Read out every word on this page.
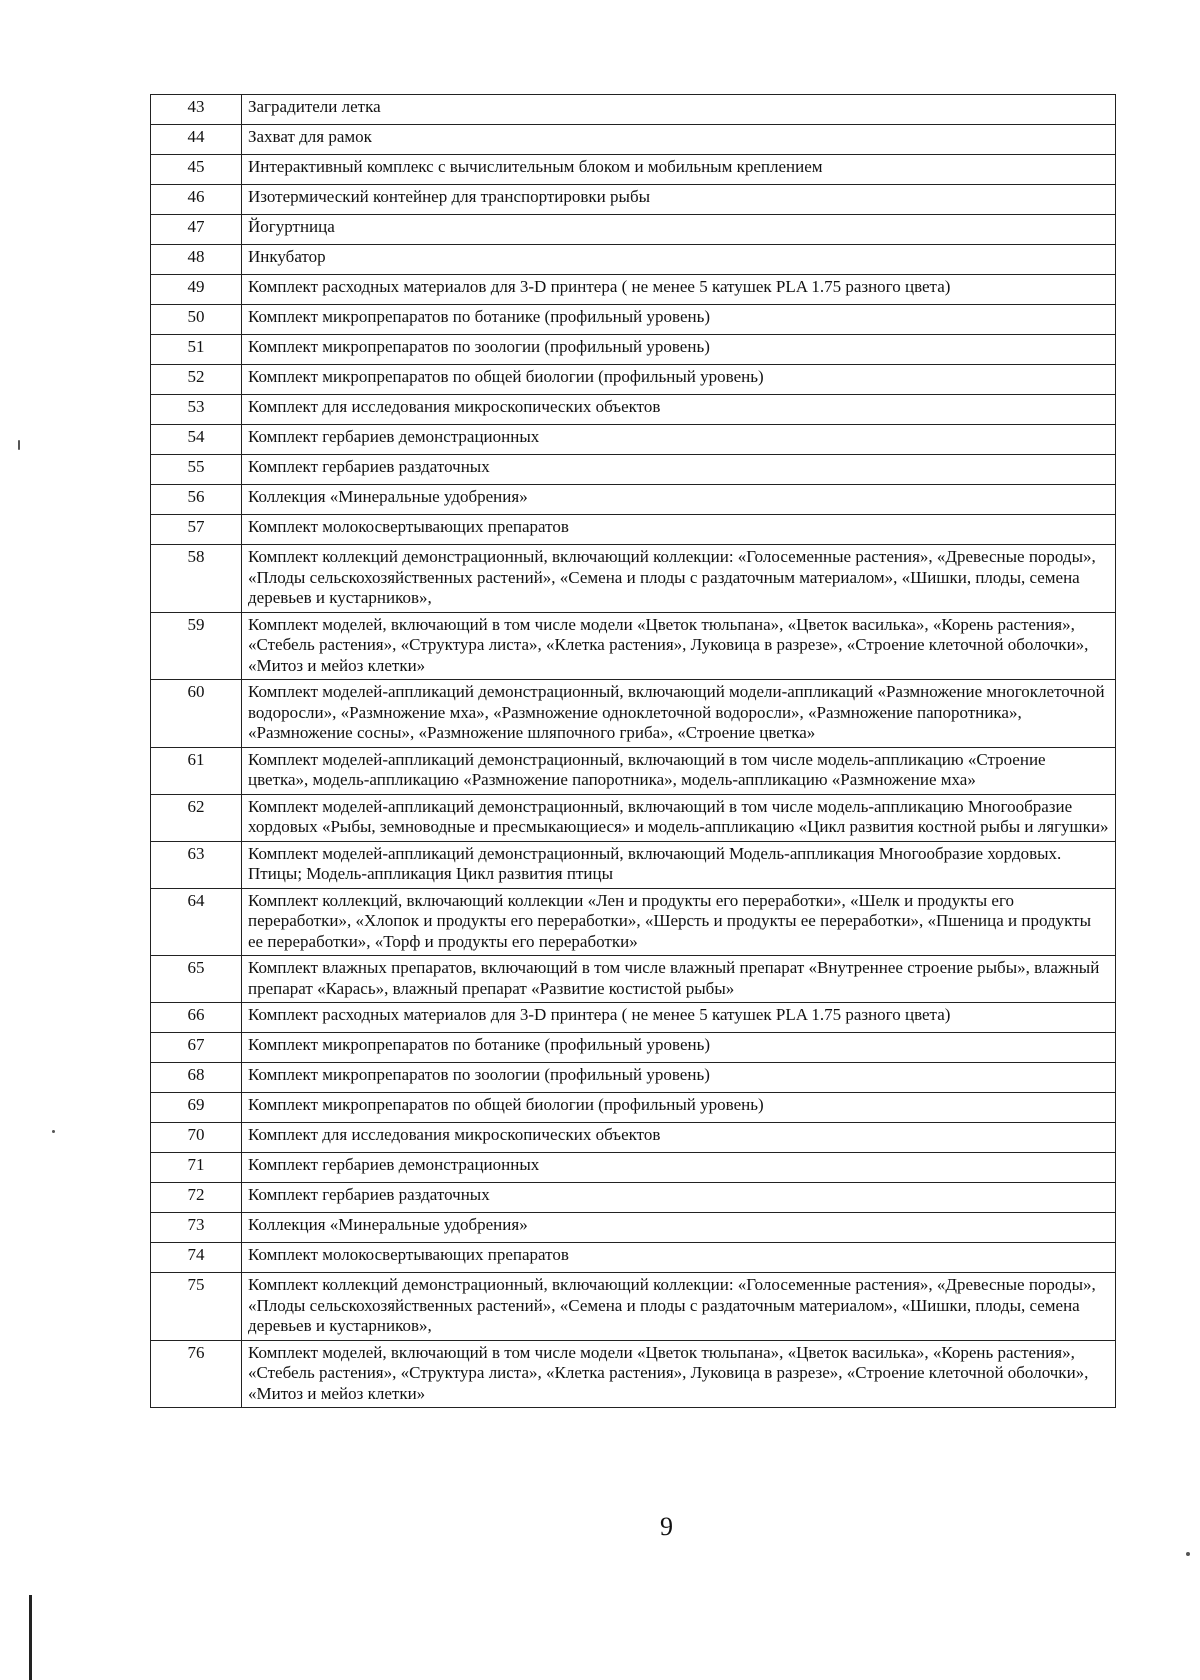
43	Заградители летка
44	Захват для рамок
45	Интерактивный комплекс с вычислительным блоком и мобильным креплением
46	Изотермический контейнер для транспортировки рыбы
47	Йогуртница
48	Инкубатор
49	Комплект расходных материалов для 3-D принтера ( не менее 5 катушек PLA 1.75 разного цвета)
50	Комплект микропрепаратов по ботанике (профильный уровень)
51	Комплект микропрепаратов по зоологии (профильный уровень)
52	Комплект микропрепаратов по общей биологии (профильный уровень)
53	Комплект для исследования микроскопических объектов
54	Комплект гербариев демонстрационных
55	Комплект гербариев раздаточных
56	Коллекция «Минеральные удобрения»
57	Комплект молокосвертывающих препаратов
58	Комплект коллекций демонстрационный, включающий коллекции: «Голосеменные растения», «Древесные породы», «Плоды сельскохозяйственных растений», «Семена и плоды с раздаточным материалом», «Шишки, плоды, семена деревьев и кустарников»,
59	Комплект моделей, включающий в том числе модели «Цветок тюльпана», «Цветок василька», «Корень растения», «Стебель растения», «Структура листа», «Клетка растения», Луковица в разрезе», «Строение клеточной оболочки», «Митоз и мейоз клетки»
60	Комплект моделей-аппликаций демонстрационный, включающий модели-аппликаций «Размножение многоклеточной водоросли», «Размножение мха», «Размножение одноклеточной водоросли», «Размножение папоротника», «Размножение сосны», «Размножение шляпочного гриба», «Строение цветка»
61	Комплект моделей-аппликаций демонстрационный, включающий в том числе модель-аппликацию «Строение цветка», модель-аппликацию «Размножение папоротника», модель-аппликацию «Размножение мха»
62	Комплект моделей-аппликаций демонстрационный, включающий в том числе модель-аппликацию Многообразие хордовых «Рыбы, земноводные и пресмыкающиеся» и модель-аппликацию «Цикл развития костной рыбы и лягушки»
63	Комплект моделей-аппликаций демонстрационный, включающий Модель-аппликация Многообразие хордовых. Птицы; Модель-аппликация Цикл развития птицы
64	Комплект коллекций, включающий коллекции «Лен и продукты его переработки», «Шелк и продукты его переработки», «Хлопок и продукты его переработки», «Шерсть и продукты ее переработки», «Пшеница и продукты ее переработки», «Торф и продукты его переработки»
65	Комплект влажных препаратов, включающий в том числе влажный препарат «Внутреннее строение рыбы», влажный препарат «Карась», влажный препарат «Развитие костистой рыбы»
66	Комплект расходных материалов для 3-D принтера ( не менее 5 катушек PLA 1.75 разного цвета)
67	Комплект микропрепаратов по ботанике (профильный уровень)
68	Комплект микропрепаратов по зоологии (профильный уровень)
69	Комплект микропрепаратов по общей биологии (профильный уровень)
70	Комплект для исследования микроскопических объектов
71	Комплект гербариев демонстрационных
72	Комплект гербариев раздаточных
73	Коллекция «Минеральные удобрения»
74	Комплект молокосвертывающих препаратов
75	Комплект коллекций демонстрационный, включающий коллекции: «Голосеменные растения», «Древесные породы», «Плоды сельскохозяйственных растений», «Семена и плоды с раздаточным материалом», «Шишки, плоды, семена деревьев и кустарников»,
76	Комплект моделей, включающий в том числе модели «Цветок тюльпана», «Цветок василька», «Корень растения», «Стебель растения», «Структура листа», «Клетка растения», Луковица в разрезе», «Строение клеточной оболочки», «Митоз и мейоз клетки»
9
